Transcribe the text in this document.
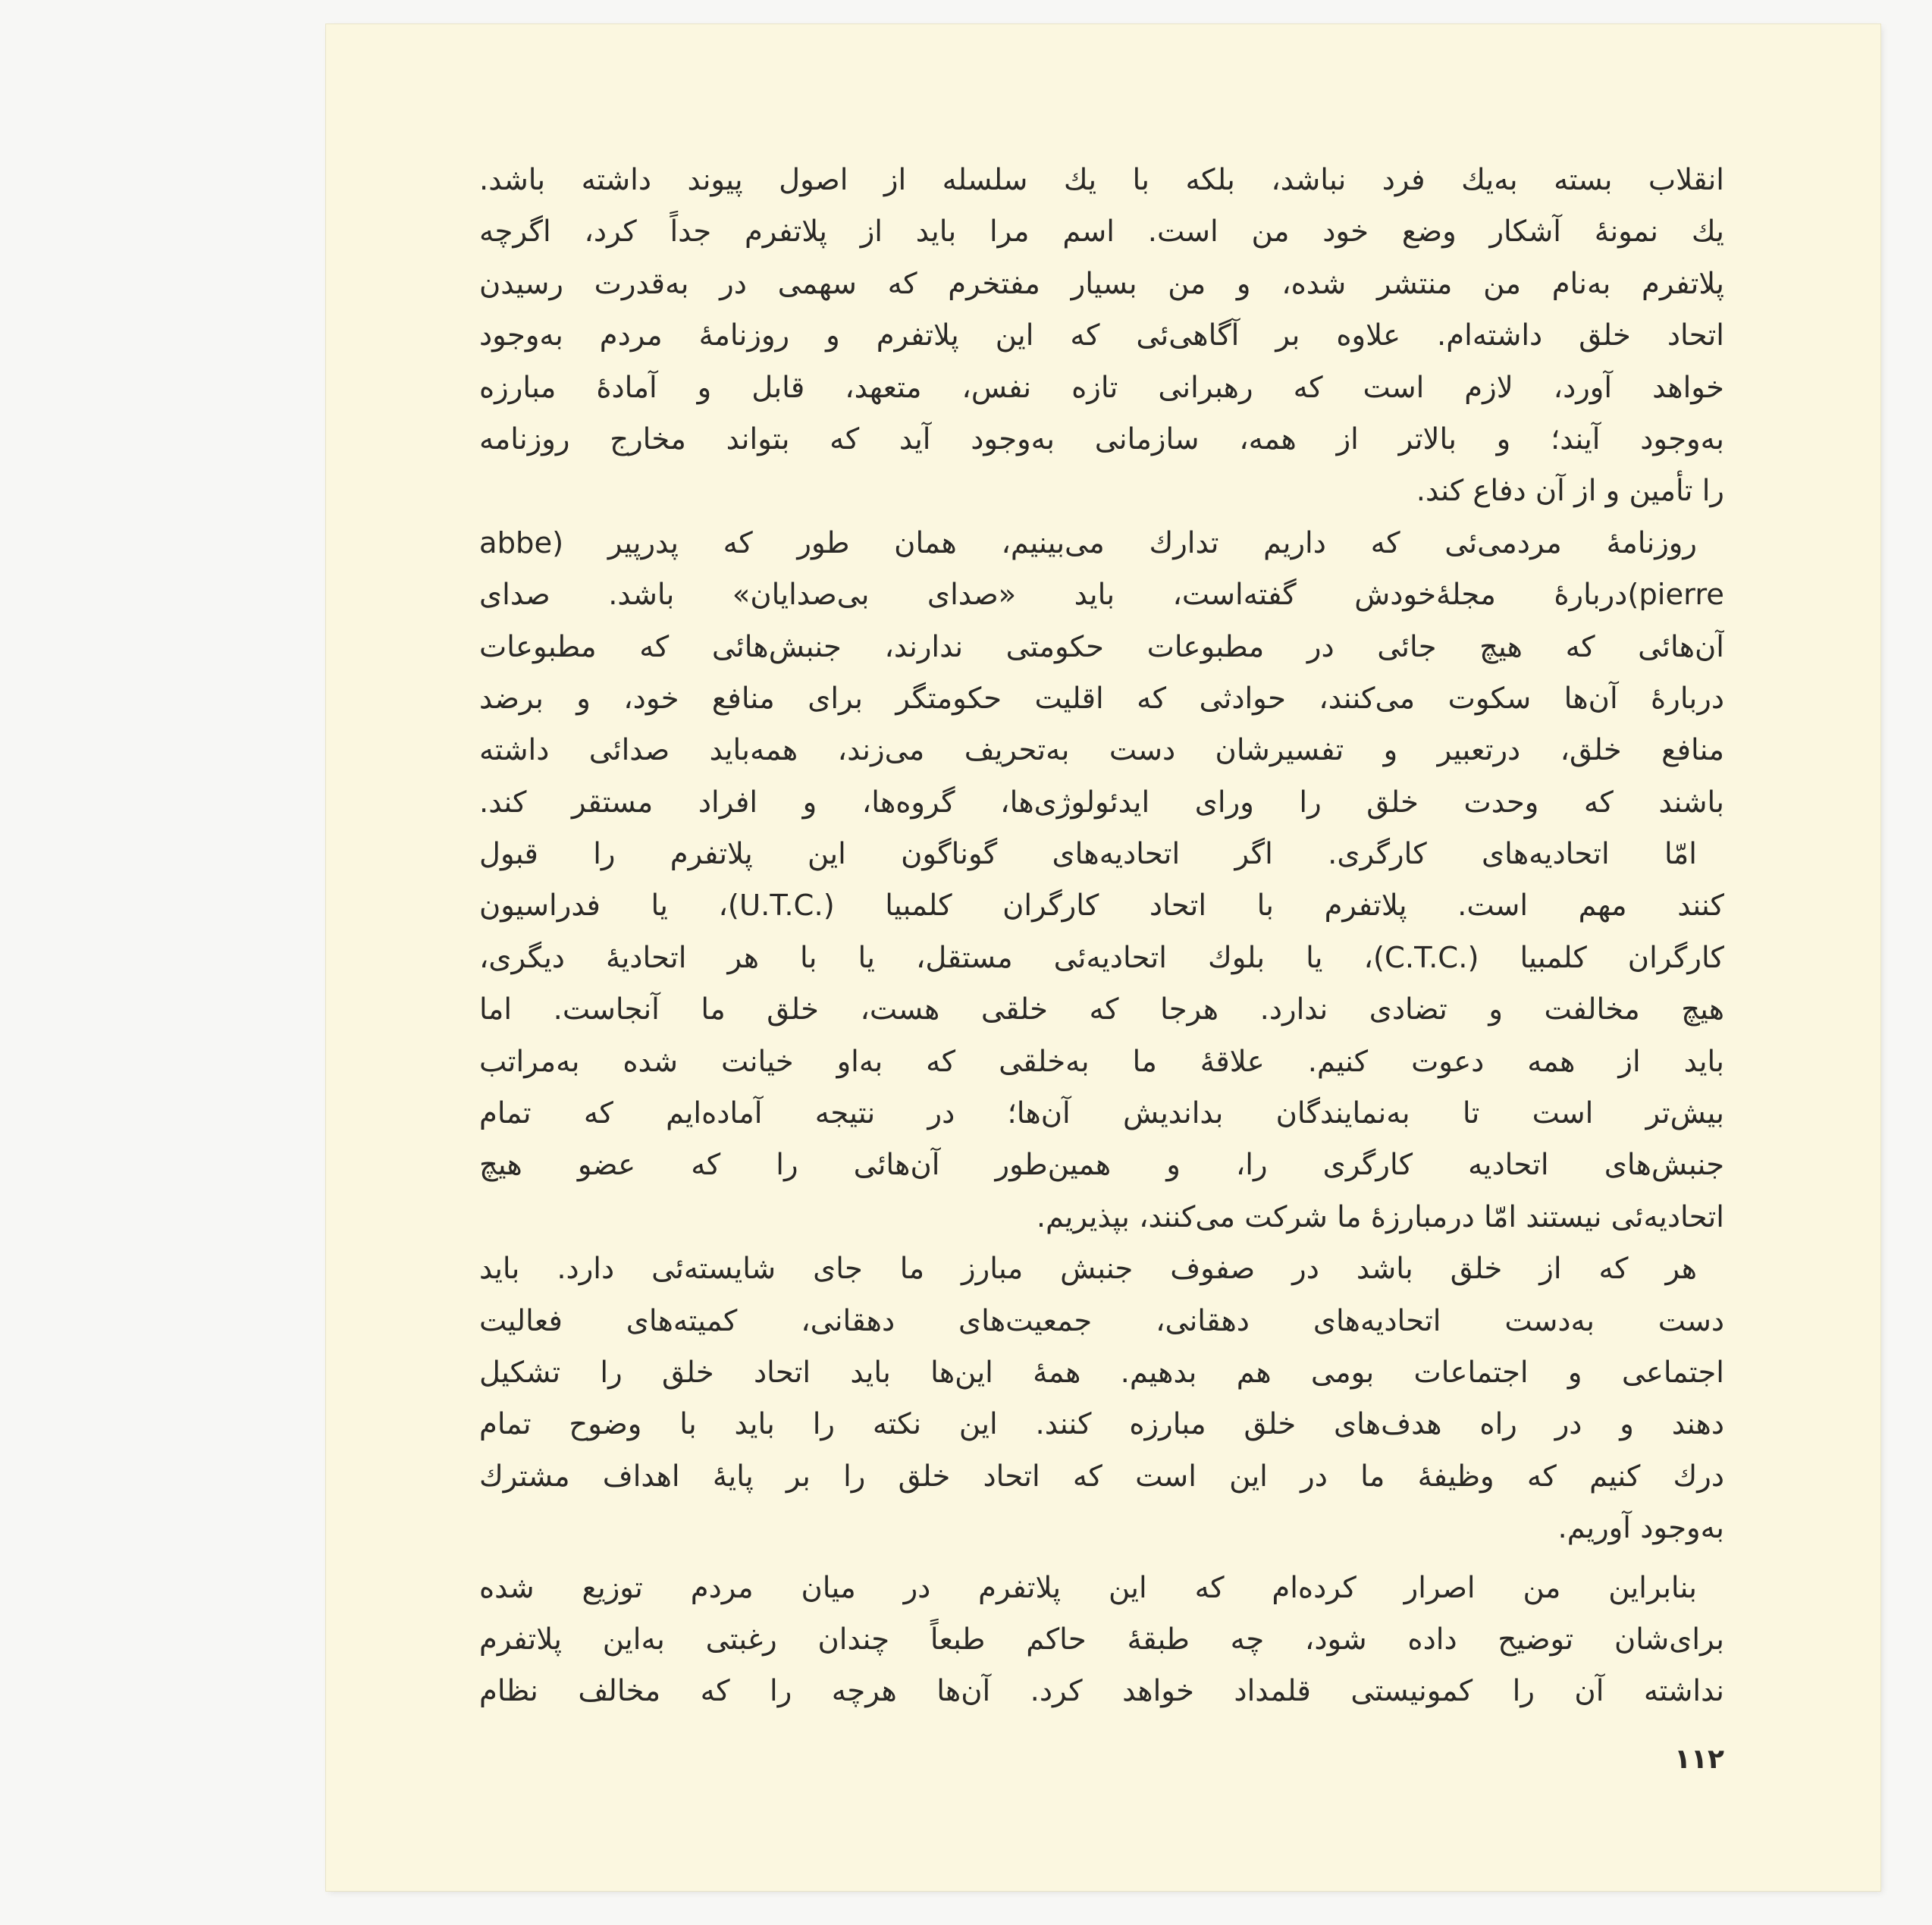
انقلاب بسته به‌یك فرد نباشد، بلكه با یك سلسله از اصول پیوند داشته باشد.
یك نمونهٔ آشکار وضع خود من است. اسم مرا باید از پلاتفرم جداً كرد، اگرچه
پلاتفرم به‌نام من منتشر شده، و من بسیار مفتخرم كه سهمی در به‌قدرت رسیدن
اتحاد خلق داشته‌ام. علاوه بر آگاهی‌ئی كه این پلاتفرم و روزنامهٔ مردم به‌وجود
خواهد آورد، لازم است كه رهبرانی تازه نفس، متعهد، قابل و آمادهٔ مبارزه
به‌وجود آیند؛ و بالاتر از همه، سازمانی به‌وجود آید كه بتواند مخارج روزنامه
را تأمین و از آن دفاع كند.
روزنامهٔ مردمی‌ئی كه داریم تدارك می‌بینیم، همان طور كه پدرپیر (abbe
pierre)دربارهٔ مجلهٔ‌خودش گفته‌است، باید «صدای بی‌صدایان» باشد. صدای
آن‌هائی كه هیچ جائی در مطبوعات حكومتی ندارند، جنبش‌هائی كه مطبوعات
دربارهٔ آن‌ها سكوت می‌كنند، حوادثی كه اقلیت حكومتگر برای منافع خود، و برضد
منافع خلق، درتعبیر و تفسیرشان دست به‌تحریف می‌زند، همه‌باید صدائی داشته
باشند كه وحدت خلق را ورای ایدئولوژی‌ها، گروه‌ها، و افراد مستقر كند.
امّا اتحادیه‌های كارگری. اگر اتحادیه‌های گوناگون این پلاتفرم را قبول
كنند مهم است. پلاتفرم با اتحاد كارگران كلمبیا (.U.T.C)، یا فدراسیون
كارگران كلمبیا (.C.T.C)، یا بلوك اتحادیه‌ئی مستقل، یا با هر اتحادیهٔ دیگری،
هیچ مخالفت و تضادی ندارد. هرجا كه خلقی هست، خلق ما آنجاست. اما
باید از همه دعوت كنیم. علاقهٔ ما به‌خلقی كه به‌او خیانت شده به‌مراتب
بیش‌تر است تا به‌نمایندگان بداندیش آن‌ها؛ در نتیجه آماده‌ایم كه تمام
جنبش‌های اتحادیه كارگری را، و همین‌طور آن‌هائی را كه عضو هیچ
اتحادیه‌ئی نیستند امّا درمبارزهٔ ما شركت می‌كنند، بپذیریم.
هر كه از خلق باشد در صفوف جنبش مبارز ما جای شایسته‌ئی دارد. باید
دست به‌دست اتحادیه‌های دهقانی، جمعیت‌های دهقانی، كمیته‌های فعالیت
اجتماعی و اجتماعات بومی هم بدهیم. همهٔ این‌ها باید اتحاد خلق را تشكیل
دهند و در راه هدف‌های خلق مبارزه كنند. این نكته را باید با وضوح تمام
درك كنیم كه وظیفهٔ ما در این است كه اتحاد خلق را بر پایهٔ اهداف مشترك
به‌وجود آوریم.
بنابراین من اصرار كرده‌ام كه این پلاتفرم در میان مردم توزیع شده
برای‌شان توضیح داده شود، چه طبقهٔ حاكم طبعاً چندان رغبتی به‌این پلاتفرم
نداشته آن را كمونیستی قلمداد خواهد كرد. آن‌ها هرچه را كه مخالف نظام
۱۱۲
